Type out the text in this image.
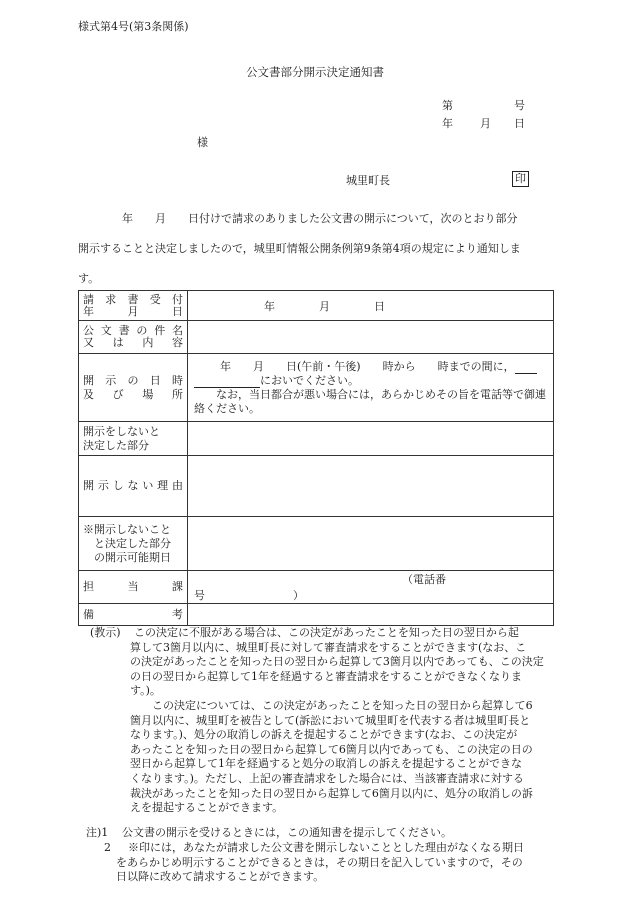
様式第4号(第3条関係)
公文書部分開示決定通知書
第	号
年 月 日
様
城里町長	印
年　　月　　日付けで請求のありました公文書の開示について，次のとおり部分
開示することと決定しましたので，城里町情報公開条例第9条第4項の規定により通知しま
す。
請求書受付
年月日	年　　　　月　　　　日

公文書の件名
又は内容	

開示の日時
及び場所	年　　月　　日(午前・午後)　　時から　　時までの間に，
においでください。
なお，当日都合が悪い場合には，あらかじめその旨を電話等で御連
絡ください。

開示をしないと
決定した部分	

開示しない理由	

※開示しないこと
と決定した部分
の開示可能期日	

担当課	（電話番号　　　　　　　　）

備考	

(教示)	この決定に不服がある場合は、この決定があったことを知った日の翌日から起
算して3箇月以内に、城里町長に対して審査請求をすることができます(なお、こ
の決定があったことを知った日の翌日から起算して3箇月以内であっても、この決定
の日の翌日から起算して1年を経過すると審査請求をすることができなくなりま
す。)。
この決定については、この決定があったことを知った日の翌日から起算して6
箇月以内に、城里町を被告として(訴訟において城里町を代表する者は城里町長と
なります。)、処分の取消しの訴えを提起することができます(なお、この決定が
あったことを知った日の翌日から起算して6箇月以内であっても、この決定の日の
翌日から起算して1年を経過すると処分の取消しの訴えを提起することができな
くなります。)。ただし、上記の審査請求をした場合には、当該審査請求に対する
裁決があったことを知った日の翌日から起算して6箇月以内に、処分の取消しの訴
えを提起することができます。
注)1 公文書の開示を受けるときには，この通知書を提示してください。
2	※印には，あなたが請求した公文書を開示しないこととした理由がなくなる期日
をあらかじめ明示することができるときは，その期日を記入していますので，その
日以降に改めて請求することができます。
